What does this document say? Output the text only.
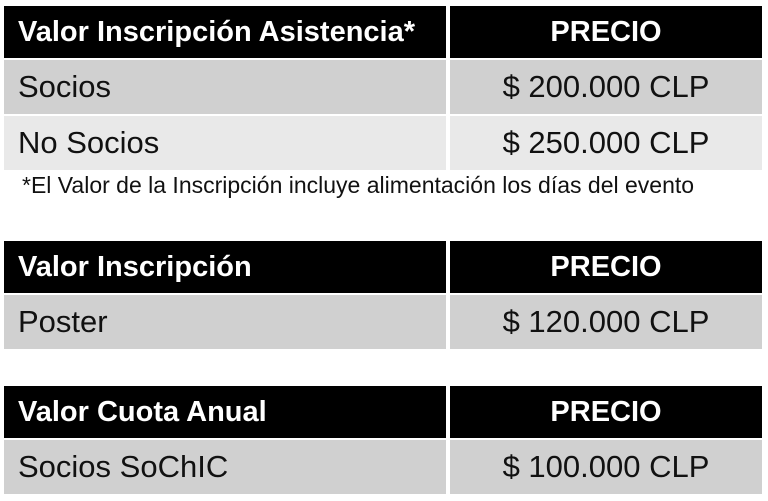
Valor Inscripción Asistencia*	PRECIO
Socios	$ 200.000 CLP
No Socios	$ 250.000 CLP
*El Valor de la Inscripción incluye alimentación los días del evento
Valor Inscripción	PRECIO
Poster	$ 120.000 CLP
Valor Cuota Anual	PRECIO
Socios SoChIC	$ 100.000 CLP
